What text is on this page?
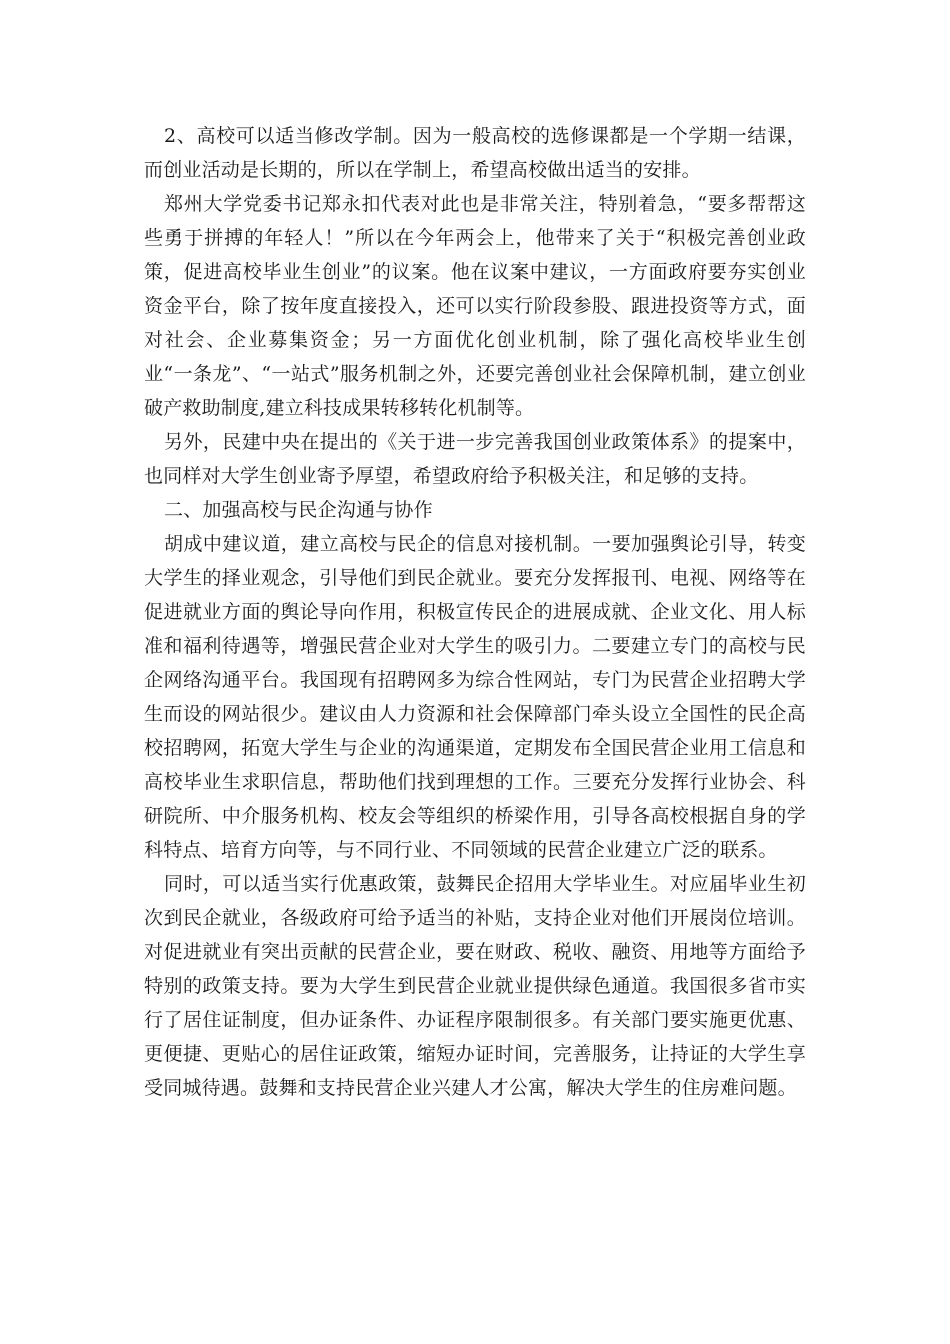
2、高校可以适当修改学制。因为一般高校的选修课都是一个学期一结课，而创业活动是长期的，所以在学制上，希望高校做出适当的安排。

郑州大学党委书记郑永扣代表对此也是非常关注，特别着急，“要多帮帮这些勇于拼搏的年轻人！”所以在今年两会上，他带来了关于“积极完善创业政策，促进高校毕业生创业”的议案。他在议案中建议，一方面政府要夯实创业资金平台，除了按年度直接投入，还可以实行阶段参股、跟进投资等方式，面对社会、企业募集资金；另一方面优化创业机制，除了强化高校毕业生创业“一条龙”、“一站式”服务机制之外，还要完善创业社会保障机制，建立创业破产救助制度,建立科技成果转移转化机制等。

另外，民建中央在提出的《关于进一步完善我国创业政策体系》的提案中，也同样对大学生创业寄予厚望，希望政府给予积极关注，和足够的支持。

二、加强高校与民企沟通与协作

胡成中建议道，建立高校与民企的信息对接机制。一要加强舆论引导，转变大学生的择业观念，引导他们到民企就业。要充分发挥报刊、电视、网络等在促进就业方面的舆论导向作用，积极宣传民企的进展成就、企业文化、用人标准和福利待遇等，增强民营企业对大学生的吸引力。二要建立专门的高校与民企网络沟通平台。我国现有招聘网多为综合性网站，专门为民营企业招聘大学生而设的网站很少。建议由人力资源和社会保障部门牵头设立全国性的民企高校招聘网，拓宽大学生与企业的沟通渠道，定期发布全国民营企业用工信息和高校毕业生求职信息，帮助他们找到理想的工作。三要充分发挥行业协会、科研院所、中介服务机构、校友会等组织的桥梁作用，引导各高校根据自身的学科特点、培育方向等，与不同行业、不同领域的民营企业建立广泛的联系。

同时，可以适当实行优惠政策，鼓舞民企招用大学毕业生。对应届毕业生初次到民企就业，各级政府可给予适当的补贴，支持企业对他们开展岗位培训。对促进就业有突出贡献的民营企业，要在财政、税收、融资、用地等方面给予特别的政策支持。要为大学生到民营企业就业提供绿色通道。我国很多省市实行了居住证制度，但办证条件、办证程序限制很多。有关部门要实施更优惠、更便捷、更贴心的居住证政策，缩短办证时间，完善服务，让持证的大学生享受同城待遇。鼓舞和支持民营企业兴建人才公寓，解决大学生的住房难问题。
